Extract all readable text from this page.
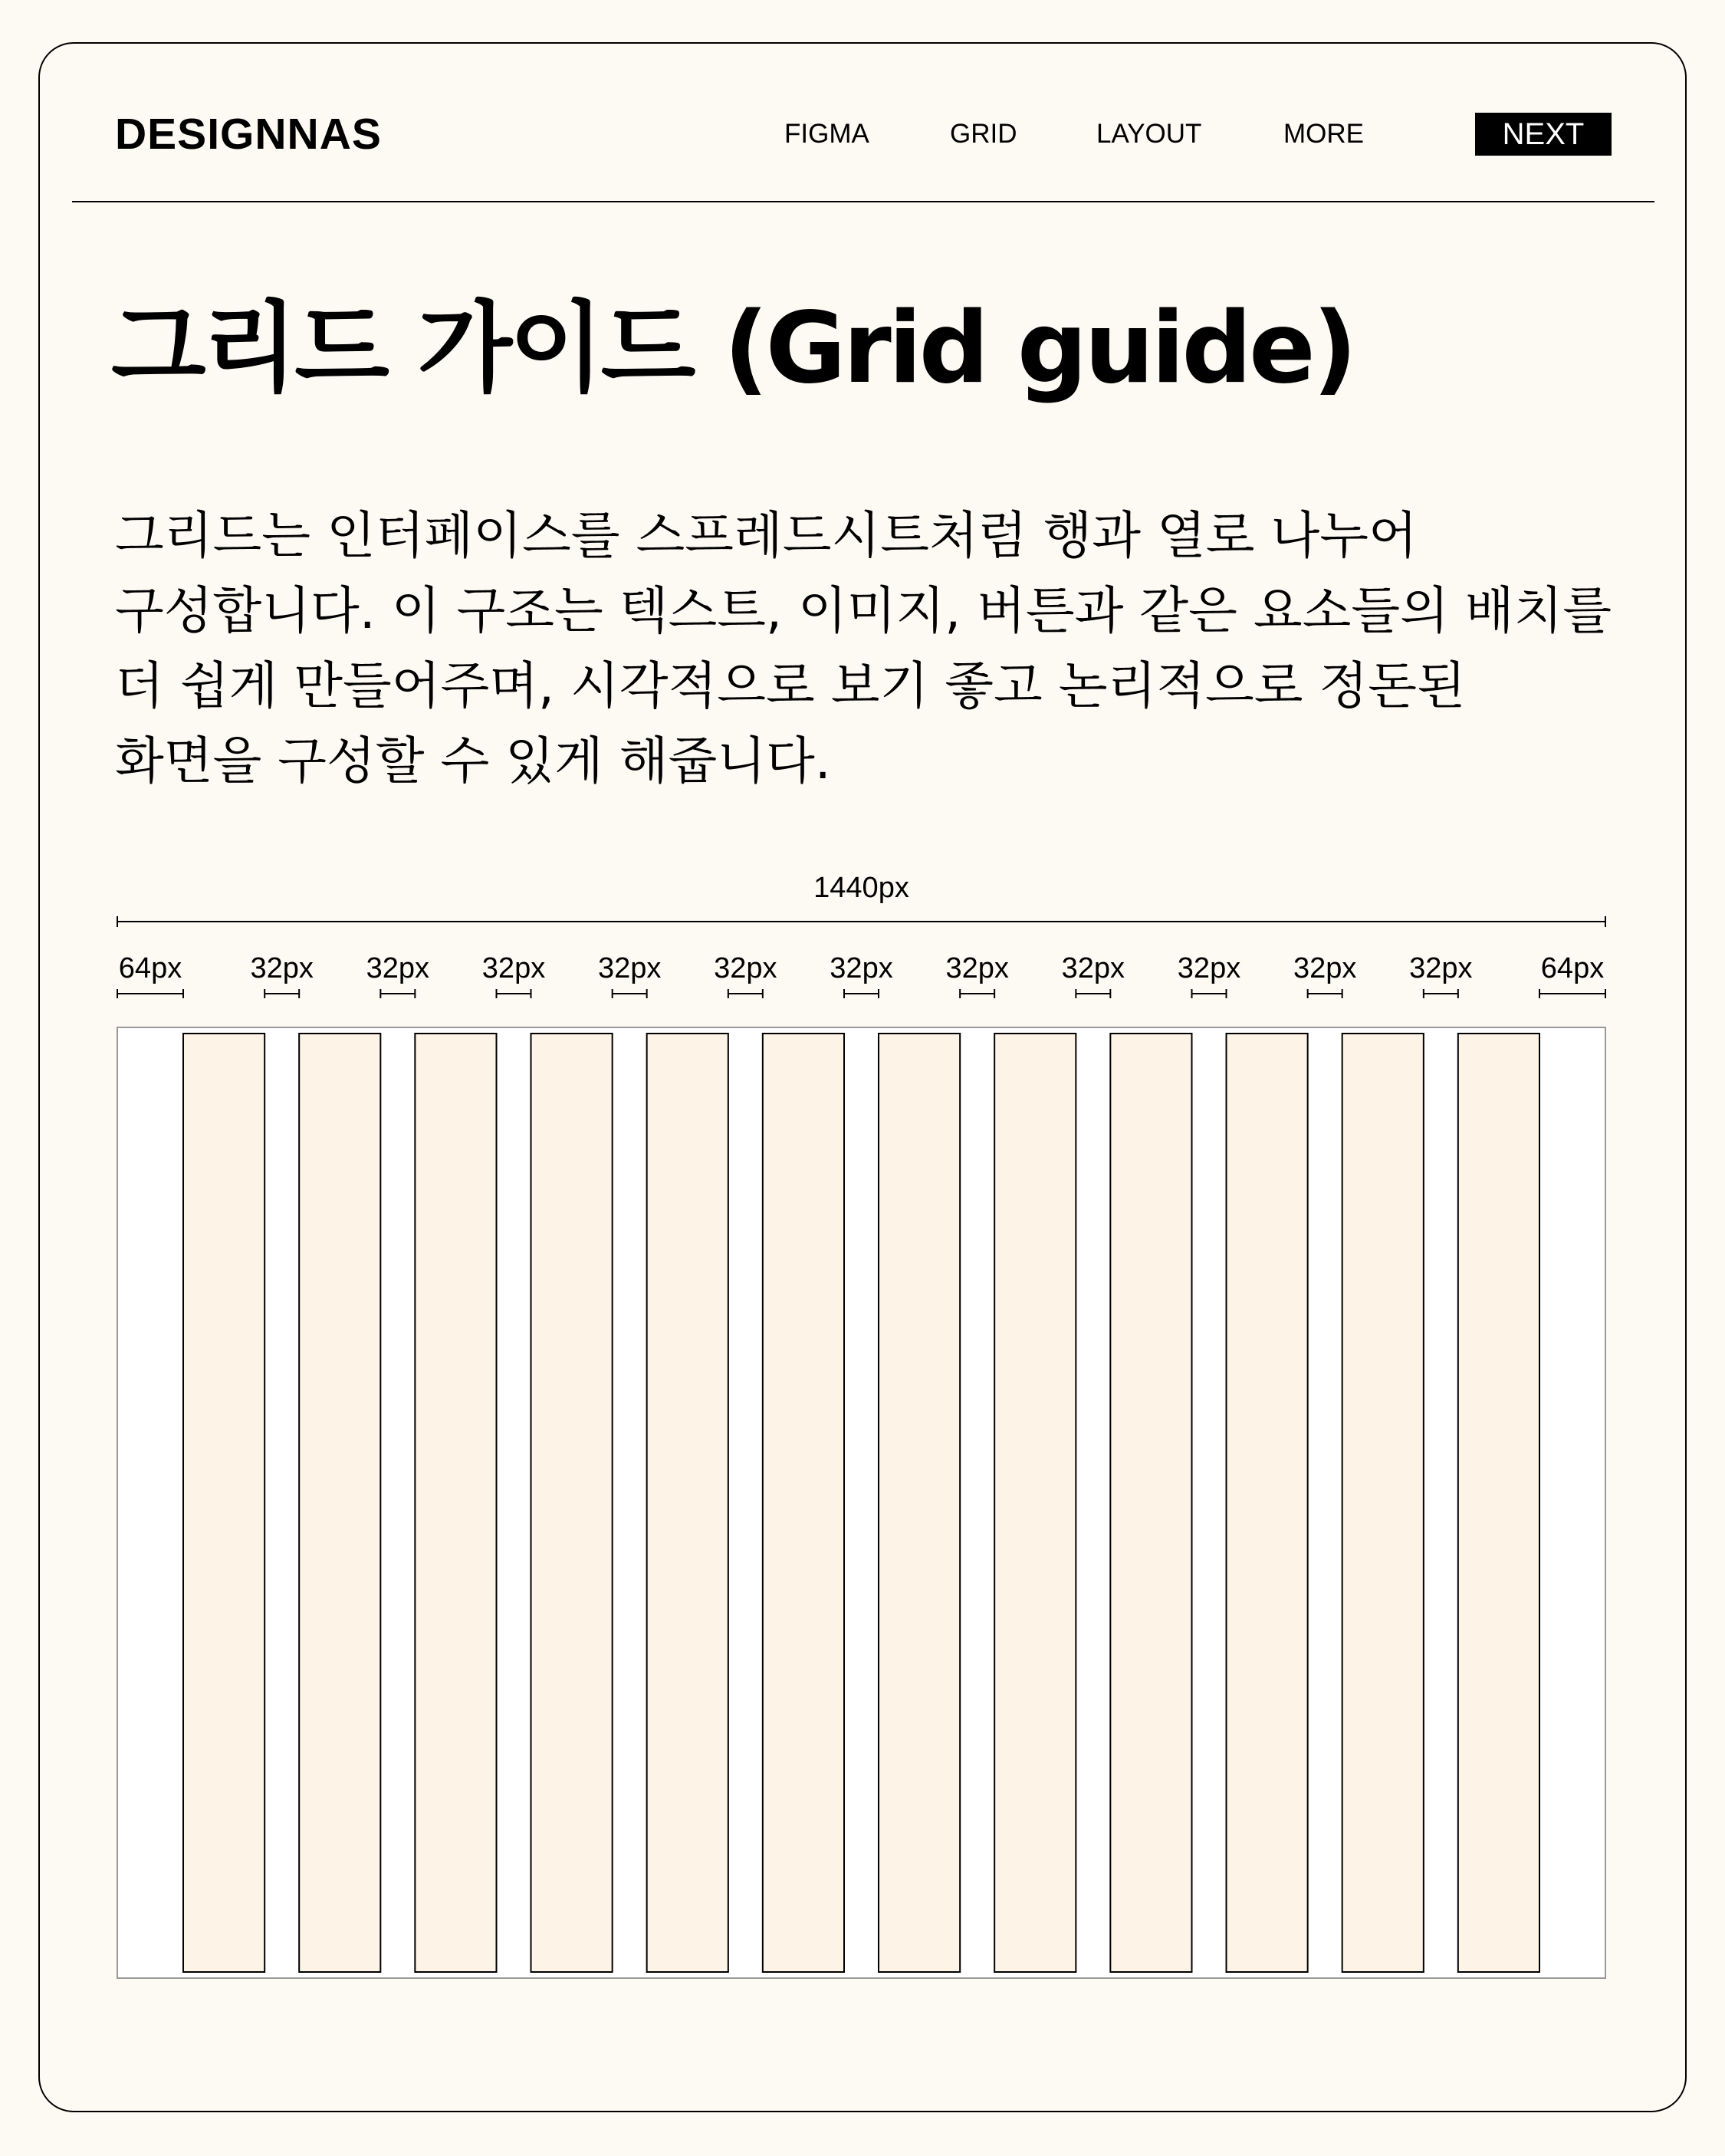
DESIGNNAS	FIGMA	GRID	LAYOUT	MORE	NEXT
그리드 가이드 (Grid guide)
그리드는 인터페이스를 스프레드시트처럼 행과 열로 나누어
구성합니다. 이 구조는 텍스트, 이미지, 버튼과 같은 요소들의 배치를
더 쉽게 만들어주며, 시각적으로 보기 좋고 논리적으로 정돈된
화면을 구성할 수 있게 해줍니다.
1440px
64px	64px
32px 32px 32px 32px 32px 32px 32px 32px 32px 32px 32px
